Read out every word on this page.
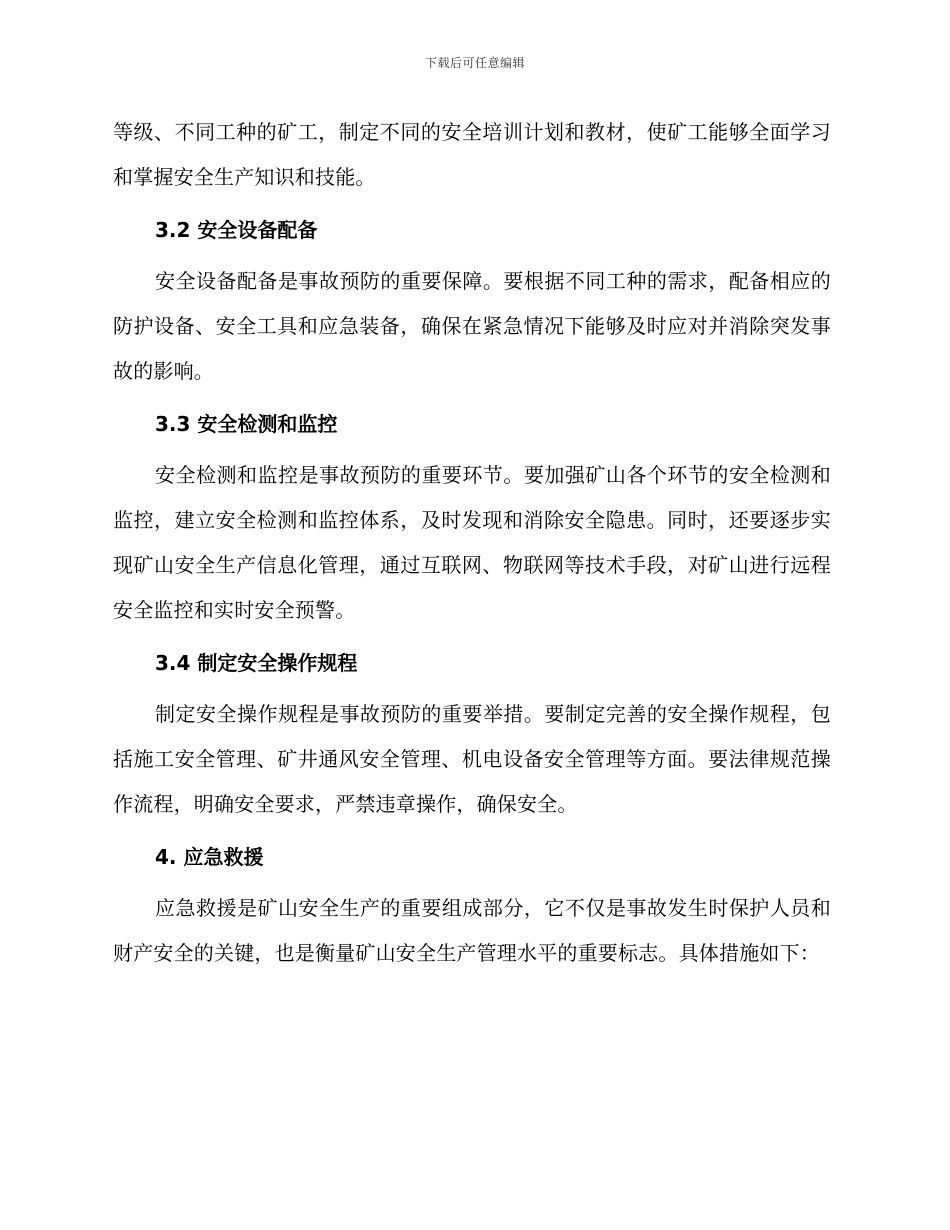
下载后可任意编辑

等级、不同工种的矿工，制定不同的安全培训计划和教材，使矿工能够全面学习和掌握安全生产知识和技能。

3.2 安全设备配备

安全设备配备是事故预防的重要保障。要根据不同工种的需求，配备相应的防护设备、安全工具和应急装备，确保在紧急情况下能够及时应对并消除突发事故的影响。

3.3 安全检测和监控

安全检测和监控是事故预防的重要环节。要加强矿山各个环节的安全检测和监控，建立安全检测和监控体系，及时发现和消除安全隐患。同时，还要逐步实现矿山安全生产信息化管理，通过互联网、物联网等技术手段，对矿山进行远程安全监控和实时安全预警。

3.4 制定安全操作规程

制定安全操作规程是事故预防的重要举措。要制定完善的安全操作规程，包括施工安全管理、矿井通风安全管理、机电设备安全管理等方面。要法律规范操作流程，明确安全要求，严禁违章操作，确保安全。

4. 应急救援

应急救援是矿山安全生产的重要组成部分，它不仅是事故发生时保护人员和财产安全的关键，也是衡量矿山安全生产管理水平的重要标志。具体措施如下：
